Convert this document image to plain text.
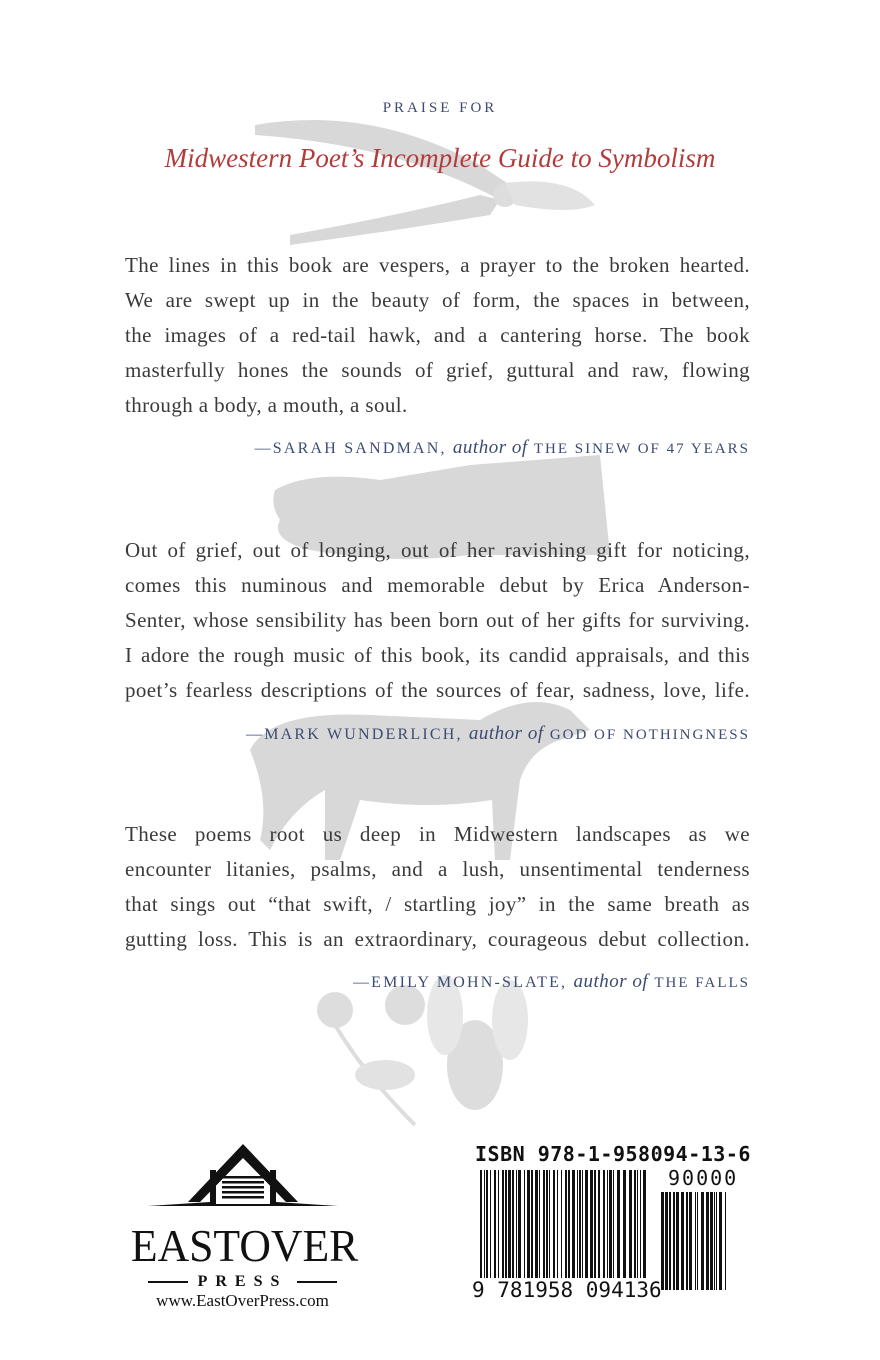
PRAISE FOR
Midwestern Poet’s Incomplete Guide to Symbolism
The lines in this book are vespers, a prayer to the broken hearted.
We are swept up in the beauty of form, the spaces in between,
the images of a red-tail hawk, and a cantering horse. The book
masterfully hones the sounds of grief, guttural and raw, flowing
through a body, a mouth, a soul.
—SARAH SANDMAN, author of THE SINEW OF 47 YEARS
Out of grief, out of longing, out of her ravishing gift for noticing,
comes this numinous and memorable debut by Erica Anderson-
Senter, whose sensibility has been born out of her gifts for surviving.
I adore the rough music of this book, its candid appraisals, and this
poet’s fearless descriptions of the sources of fear, sadness, love, life.
—MARK WUNDERLICH, author of GOD OF NOTHINGNESS
These poems root us deep in Midwestern landscapes as we
encounter litanies, psalms, and a lush, unsentimental tenderness
that sings out “that swift, / startling joy” in the same breath as
gutting loss. This is an extraordinary, courageous debut collection.
—EMILY MOHN-SLATE, author of THE FALLS
EASTOVER
PRESS
www.EastOverPress.com
ISBN 978-1-958094-13-6
90000
9 781958 094136
